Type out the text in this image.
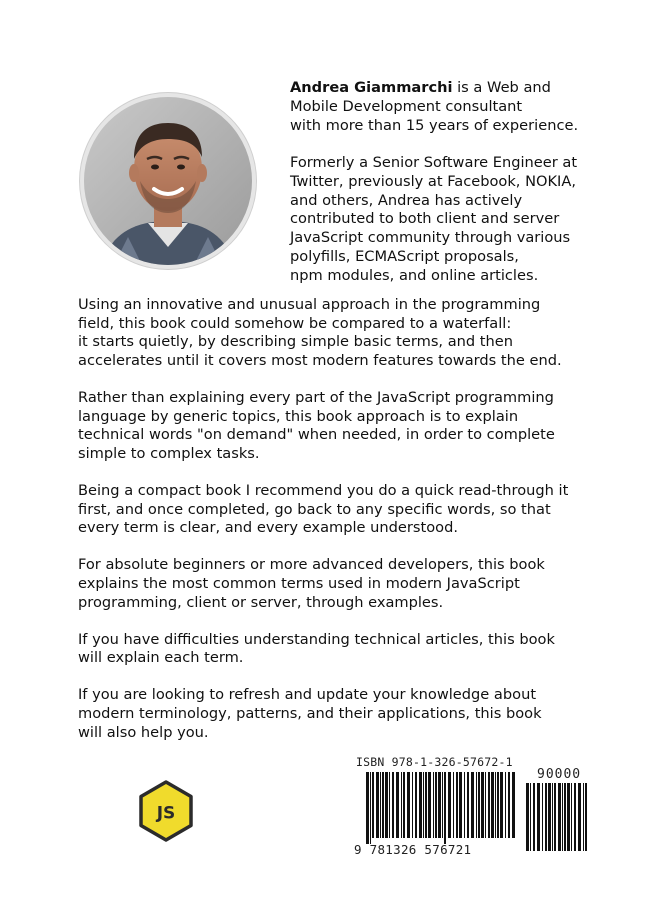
Andrea Giammarchi is a Web and
Mobile Development consultant
with more than 15 years of experience.

Formerly a Senior Software Engineer at
Twitter, previously at Facebook, NOKIA,
and others, Andrea has actively
contributed to both client and server
JavaScript community through various
polyfills, ECMAScript proposals,
npm modules, and online articles.

Using an innovative and unusual approach in the programming
field, this book could somehow be compared to a waterfall:
it starts quietly, by describing simple basic terms, and then
accelerates until it covers most modern features towards the end.

Rather than explaining every part of the JavaScript programming
language by generic topics, this book approach is to explain
technical words "on demand" when needed, in order to complete
simple to complex tasks.

Being a compact book I recommend you do a quick read-through it
first, and once completed, go back to any specific words, so that
every term is clear, and every example understood.

For absolute beginners or more advanced developers, this book
explains the most common terms used in modern JavaScript
programming, client or server, through examples.

If you have difficulties understanding technical articles, this book
will explain each term.

If you are looking to refresh and update your knowledge about
modern terminology, patterns, and their applications, this book
will also help you.

JS
ISBN 978-1-326-57672-1
90000
9 781326 576721
